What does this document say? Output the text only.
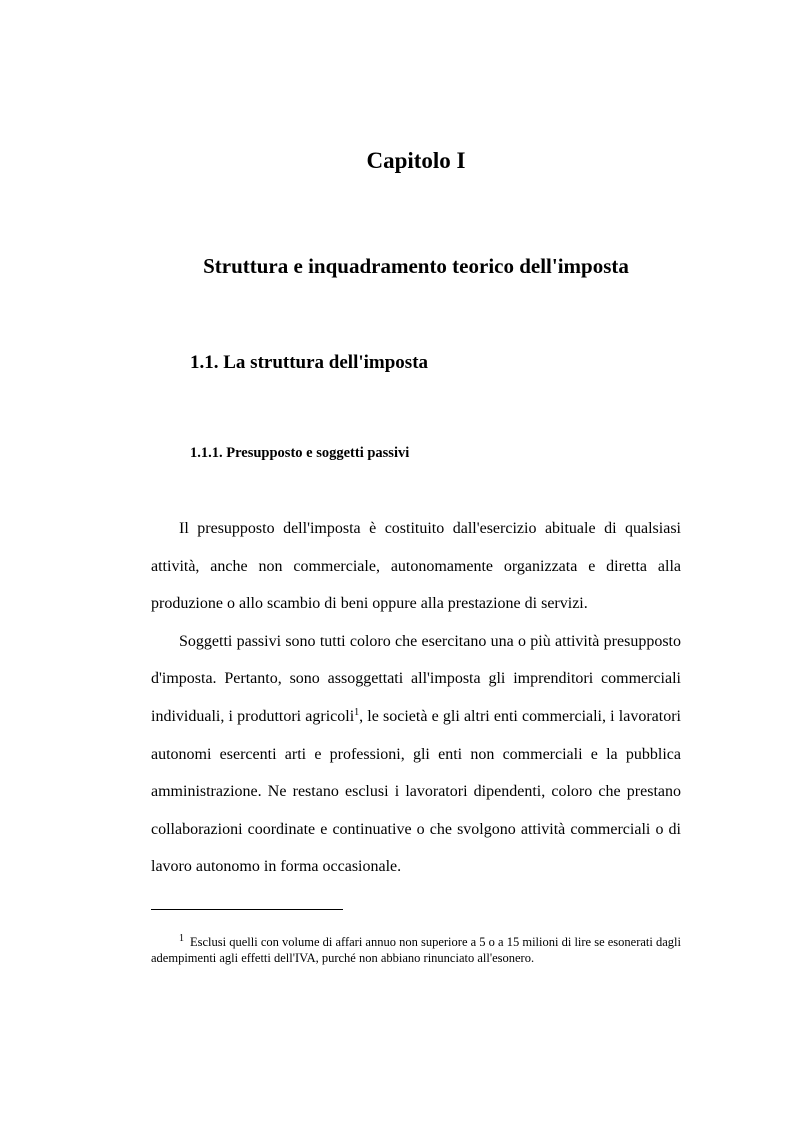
Capitolo I
Struttura e inquadramento teorico dell'imposta
1.1. La struttura dell'imposta
1.1.1. Presupposto e soggetti passivi

Il presupposto dell'imposta è costituito dall'esercizio abituale di qualsiasi attività, anche non commerciale, autonomamente organizzata e diretta alla produzione o allo scambio di beni oppure alla prestazione di servizi.

Soggetti passivi sono tutti coloro che esercitano una o più attività presupposto d'imposta. Pertanto, sono assoggettati all'imposta gli imprenditori commerciali individuali, i produttori agricoli$^1$, le società e gli altri enti commerciali, i lavoratori autonomi esercenti arti e professioni, gli enti non commerciali e la pubblica amministrazione. Ne restano esclusi i lavoratori dipendenti, coloro che prestano collaborazioni coordinate e continuative o che svolgono attività commerciali o di lavoro autonomo in forma occasionale.

$^1$ Esclusi quelli con volume di affari annuo non superiore a 5 o a 15 milioni di lire se esonerati dagli adempimenti agli effetti dell'IVA, purché non abbiano rinunciato all'esonero.
